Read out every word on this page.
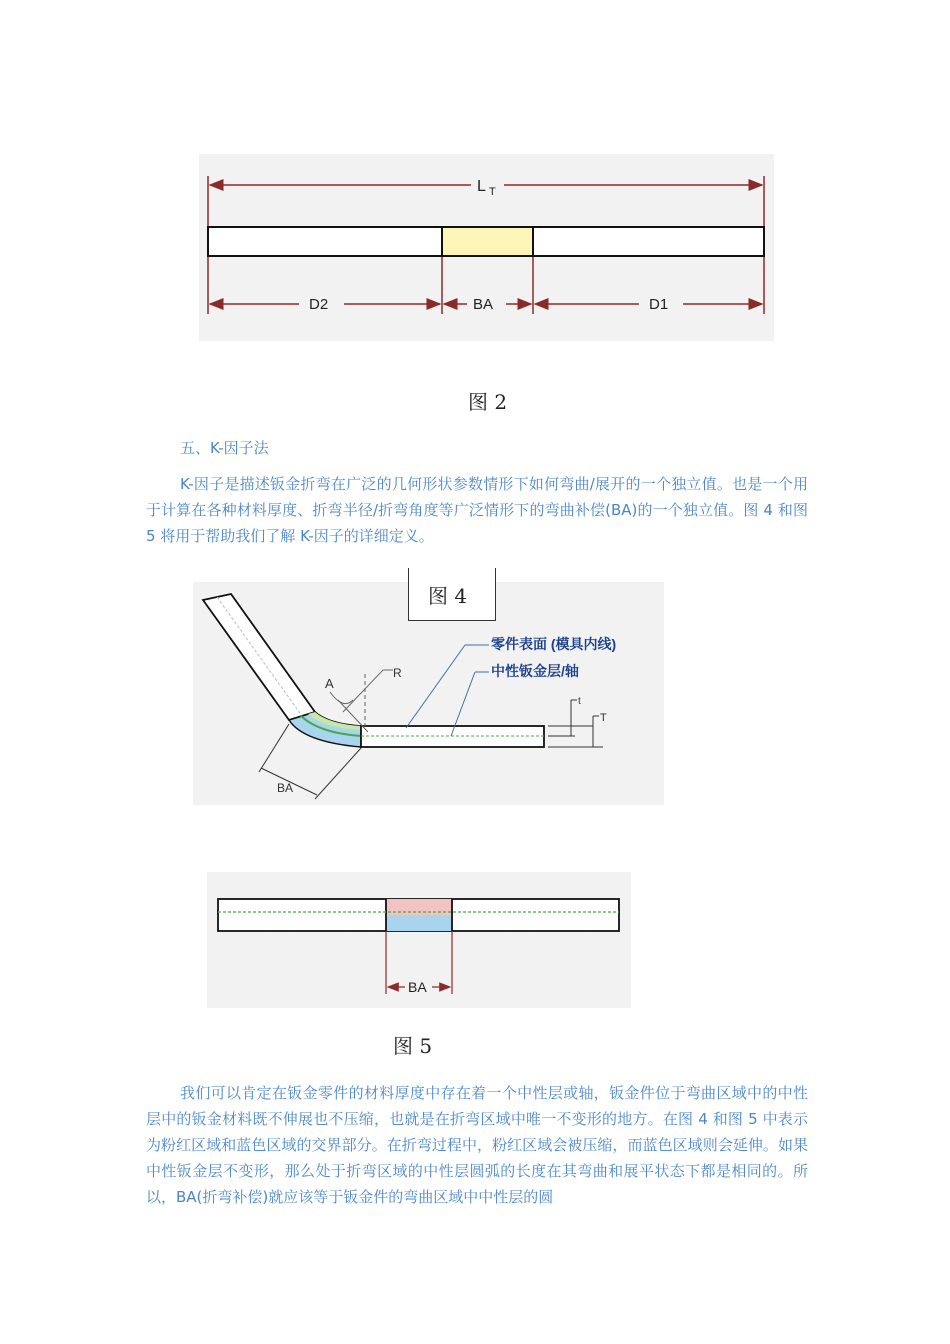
L T
D2	BA	D1
图 2
五、K-因子法

K-因子是描述钣金折弯在广泛的几何形状参数情形下如何弯曲/展开的一个独立值。也是一个用于计算在各种材料厚度、折弯半径/折弯角度等广泛情形下的弯曲补偿(BA)的一个独立值。图 4 和图 5 将用于帮助我们了解 K-因子的详细定义。

A
R
零件表面 (模具内线)
中性钣金层/轴
t
T
BA
图 4
BA
图 5

我们可以肯定在钣金零件的材料厚度中存在着一个中性层或轴，钣金件位于弯曲区域中的中性层中的钣金材料既不伸展也不压缩，也就是在折弯区域中唯一不变形的地方。在图 4 和图 5 中表示为粉红区域和蓝色区域的交界部分。在折弯过程中，粉红区域会被压缩，而蓝色区域则会延伸。如果中性钣金层不变形，那么处于折弯区域的中性层圆弧的长度在其弯曲和展平状态下都是相同的。所以，BA(折弯补偿)就应该等于钣金件的弯曲区域中中性层的圆
